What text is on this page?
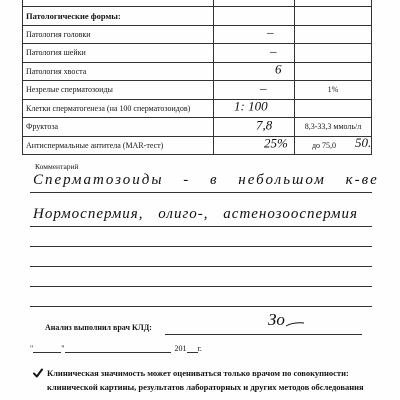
Патологические формы:
Патология головки	–
Патология шейки	–
Патология хвоста	6
Незрелые сперматозоиды	–	1%
Клетки сперматогенеза (на 100 сперматозоидов)	1: 100
Фруктоза	7,8	8,3-33,3 ммоль/л
Антиспермальные антитела (MAR-тест)	25%	до 75,0 50.
Комментарий
Сперматозоиды - в небольшом к-ве
Нормоспермия, олиго-, астенозооспермия
Анализ выполнил врач КЛД:	Зо
"	"	201 г.
Клиническая значимость может оцениваться только врачом по совокупности:
клинической картины, результатов лабораторных и других методов обследования
